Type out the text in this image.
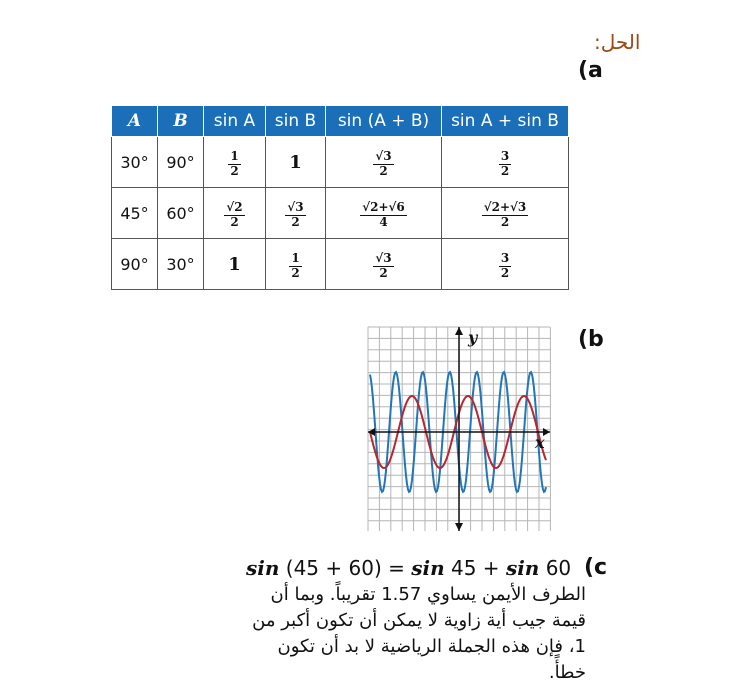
الحل:
(a
A	B	sin A	sin B	sin (A + B)	sin A + sin B
30°	90°	$\frac{1}{2}$	1	$\frac{√3}{2}$	$\frac{3}{2}$

45°	60°	$\frac{√2}{2}$	$\frac{√3}{2}$	$\frac{√2+√6}{4}$	$\frac{√2+√3}{2}$

90°	30°	1	$\frac{1}{2}$	$\frac{√3}{2}$	$\frac{3}{2}$
(b
y
x
sin (45 + 60) = sin 45 + sin 60 (c
الطرف الأيمن يساوي 1.57 تقريباً. وبما أن قيمة جيب أية زاوية لا يمكن أن تكون أكبر من 1، فإن هذه الجملة الرياضية لا بد أن تكون خطأً.
